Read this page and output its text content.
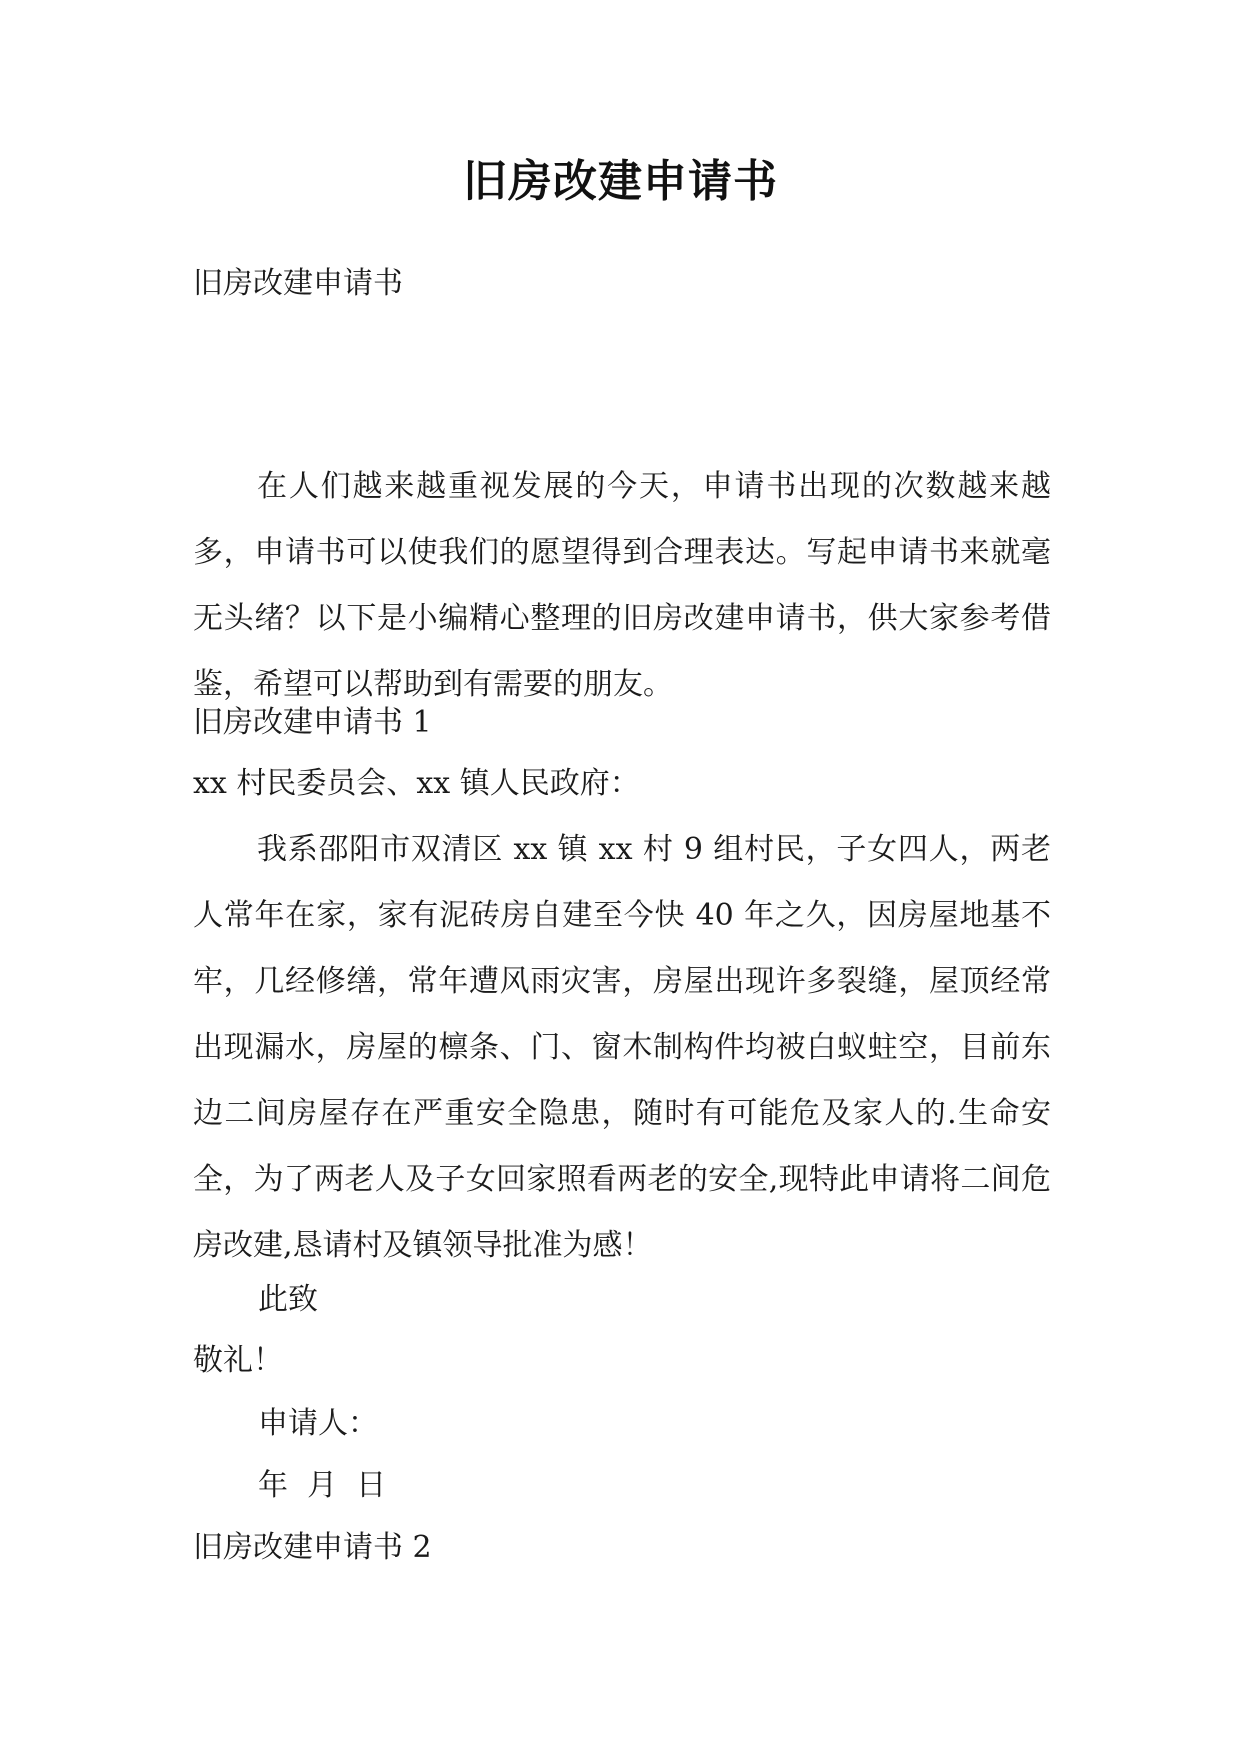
旧房改建申请书
旧房改建申请书
在人们越来越重视发展的今天，申请书出现的次数越来越多，申请书可以使我们的愿望得到合理表达。写起申请书来就毫无头绪？以下是小编精心整理的旧房改建申请书，供大家参考借鉴，希望可以帮助到有需要的朋友。
旧房改建申请书 1
xx 村民委员会、xx 镇人民政府：
我系邵阳市双清区 xx 镇 xx 村 9 组村民，子女四人，两老人常年在家，家有泥砖房自建至今快 40 年之久，因房屋地基不牢，几经修缮，常年遭风雨灾害，房屋出现许多裂缝，屋顶经常出现漏水，房屋的檩条、门、窗木制构件均被白蚁蛀空，目前东边二间房屋存在严重安全隐患，随时有可能危及家人的.生命安全，为了两老人及子女回家照看两老的安全,现特此申请将二间危房改建,恳请村及镇领导批准为感！
此致
敬礼！
申请人：
年  月  日
旧房改建申请书 2
